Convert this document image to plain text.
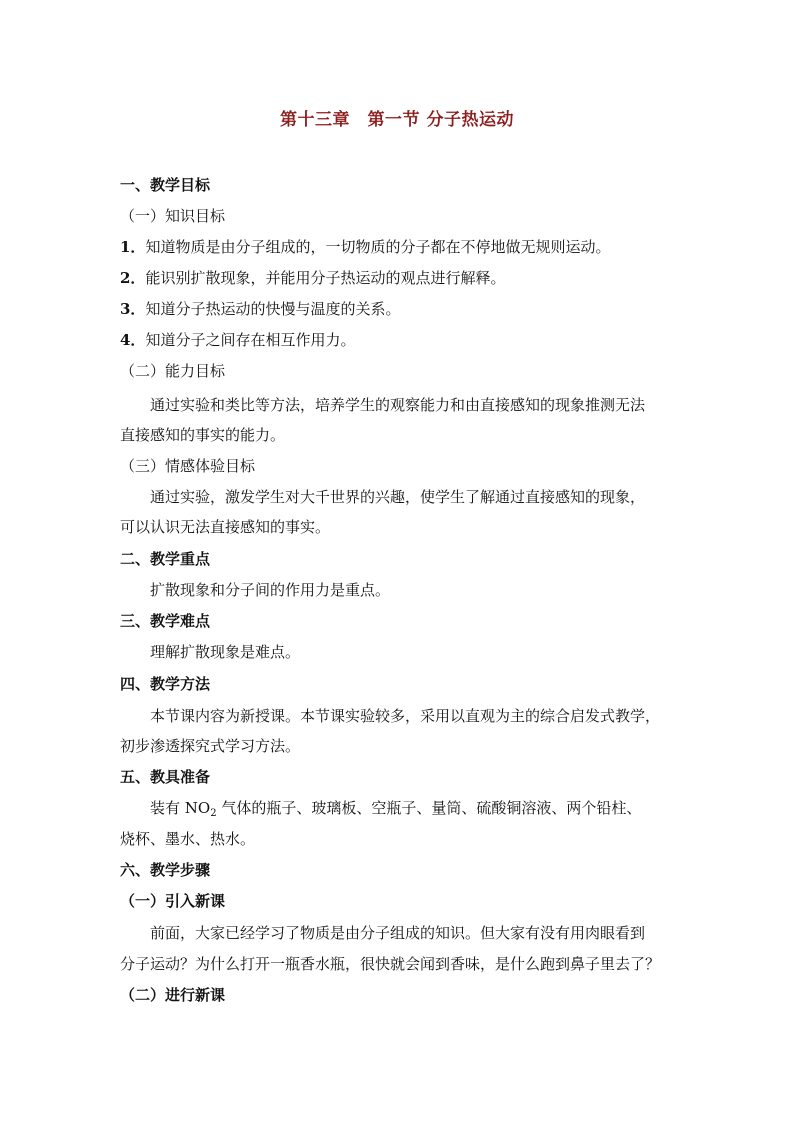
第十三章　第一节 分子热运动
一、教学目标
（一）知识目标
1．知道物质是由分子组成的，一切物质的分子都在不停地做无规则运动。
2．能识别扩散现象，并能用分子热运动的观点进行解释。
3．知道分子热运动的快慢与温度的关系。
4．知道分子之间存在相互作用力。
（二）能力目标
通过实验和类比等方法，培养学生的观察能力和由直接感知的现象推测无法
直接感知的事实的能力。
（三）情感体验目标
通过实验，激发学生对大千世界的兴趣，使学生了解通过直接感知的现象，
可以认识无法直接感知的事实。
二、教学重点
扩散现象和分子间的作用力是重点。
三、教学难点
理解扩散现象是难点。
四、教学方法
本节课内容为新授课。本节课实验较多，采用以直观为主的综合启发式教学，
初步渗透探究式学习方法。
五、教具准备
装有 $NO_2$ 气体的瓶子、玻璃板、空瓶子、量筒、硫酸铜溶液、两个铅柱、
烧杯、墨水、热水。
六、教学步骤
（一）引入新课
前面，大家已经学习了物质是由分子组成的知识。但大家有没有用肉眼看到
分子运动？为什么打开一瓶香水瓶，很快就会闻到香味，是什么跑到鼻子里去了？
（二）进行新课
